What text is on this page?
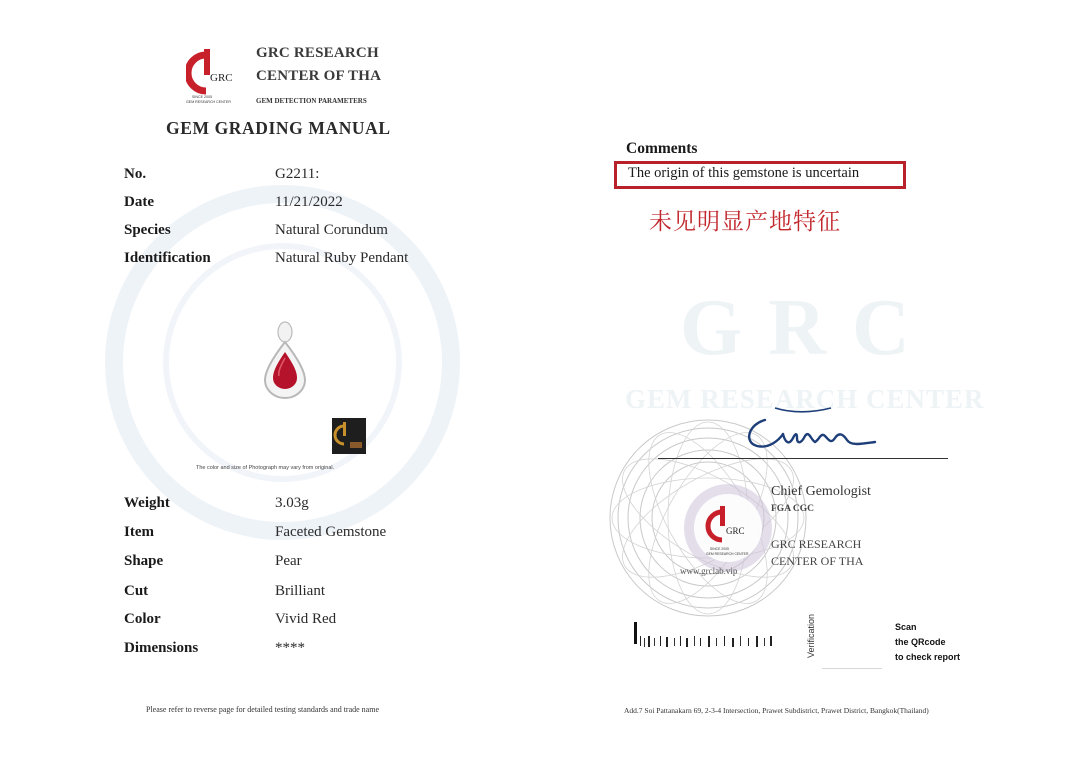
GRC
SINCE 2005
GEM RESEARCH CENTER
GRC RESEARCH
CENTER OF THA
GEM DETECTION PARAMETERS
GEM GRADING MANUAL
No.	G2211:
Date	11/21/2022
Species	Natural Corundum
Identification	Natural Ruby Pendant
The color and size of Photograph may vary from original.
Weight	3.03g
Item	Faceted Gemstone
Shape	Pear
Cut	Brilliant
Color	Vivid Red
Dimensions	****
Please refer to reverse page for detailed testing standards and trade name
GRC
GEM RESEARCH CENTER
Comments
The origin of this gemstone is uncertain
未见明显产地特征
GRC
SINCE 2005
GEM RESEARCH CENTER
Chief Gemologist
FGA CGC
GRC RESEARCH
CENTER OF THA
www.grclab.vip
Verification	Scan
the QRcode
to check report
Add.7 Soi Pattanakarn 69, 2-3-4 Intersection, Prawet Subdistrict, Prawet District, Bangkok(Thailand)
